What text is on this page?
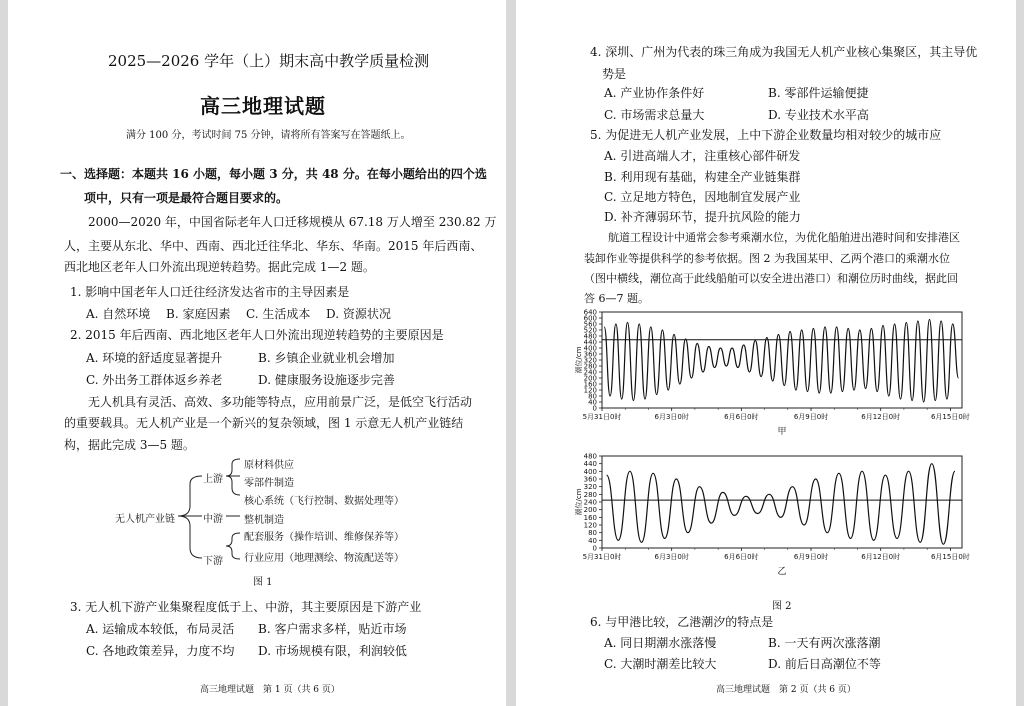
2025—2026 学年（上）期末高中教学质量检测
高三地理试题
满分 100 分，考试时间 75 分钟，请将所有答案写在答题纸上。
一、选择题：本题共 16 小题，每小题 3 分，共 48 分。在每小题给出的四个选
项中，只有一项是最符合题目要求的。
2000—2020 年，中国省际老年人口迁移规模从 67.18 万人增至 230.82 万
人，主要从东北、华中、西南、西北迁往华北、华东、华南。2015 年后西南、
西北地区老年人口外流出现逆转趋势。据此完成 1—2 题。
1. 影响中国老年人口迁往经济发达省市的主导因素是
A. 自然环境 B. 家庭因素 C. 生活成本 D. 资源状况
2. 2015 年后西南、西北地区老年人口外流出现逆转趋势的主要原因是
A. 环境的舒适度显著提升	B. 乡镇企业就业机会增加
C. 外出务工群体返乡养老	D. 健康服务设施逐步完善
无人机具有灵活、高效、多功能等特点，应用前景广泛，是低空飞行活动
的重要载具。无人机产业是一个新兴的复杂领域，图 1 示意无人机产业链结
构，据此完成 3—5 题。
无人机产业链
上游
中游
下游
原材料供应
零部件制造
核心系统（飞行控制、数据处理等）
整机制造
配套服务（操作培训、维修保养等）
行业应用（地理测绘、物流配送等）
图 1
3. 无人机下游产业集聚程度低于上、中游，其主要原因是下游产业
A. 运输成本较低，布局灵活 B. 客户需求多样，贴近市场
C. 各地政策差异，力度不均 D. 市场规模有限，利润较低
高三地理试题　第 1 页（共 6 页）
4. 深圳、广州为代表的珠三角成为我国无人机产业核心集聚区，其主导优
势是
A. 产业协作条件好	B. 零部件运输便捷
C. 市场需求总量大	D. 专业技术水平高
5. 为促进无人机产业发展，上中下游企业数量均相对较少的城市应
A. 引进高端人才，注重核心部件研发
B. 利用现有基础，构建全产业链集群
C. 立足地方特色，因地制宜发展产业
D. 补齐薄弱环节，提升抗风险的能力
航道工程设计中通常会参考乘潮水位，为优化船舶进出港时间和安排港区
装卸作业等提供科学的参考依据。图 2 为我国某甲、乙两个港口的乘潮水位
（图中横线，潮位高于此线船舶可以安全进出港口）和潮位历时曲线，据此回
答 6—7 题。
0
40
80
120
160
200
240
280
320
360
400
440
480
520
560
600
640
潮位/cm
5月31日0时	6月3日0时	6月6日0时	6月9日0时	6月12日0时	6月15日0时
甲
0
40
80
120
160
200
240
280
320
360
400
440
480
潮位/cm
5月31日0时	6月3日0时	6月6日0时	6月9日0时	6月12日0时	6月15日0时
乙
图 2
6. 与甲港比较，乙港潮汐的特点是
A. 同日期潮水涨落慢	B. 一天有两次涨落潮
C. 大潮时潮差比较大	D. 前后日高潮位不等
高三地理试题　第 2 页（共 6 页）
